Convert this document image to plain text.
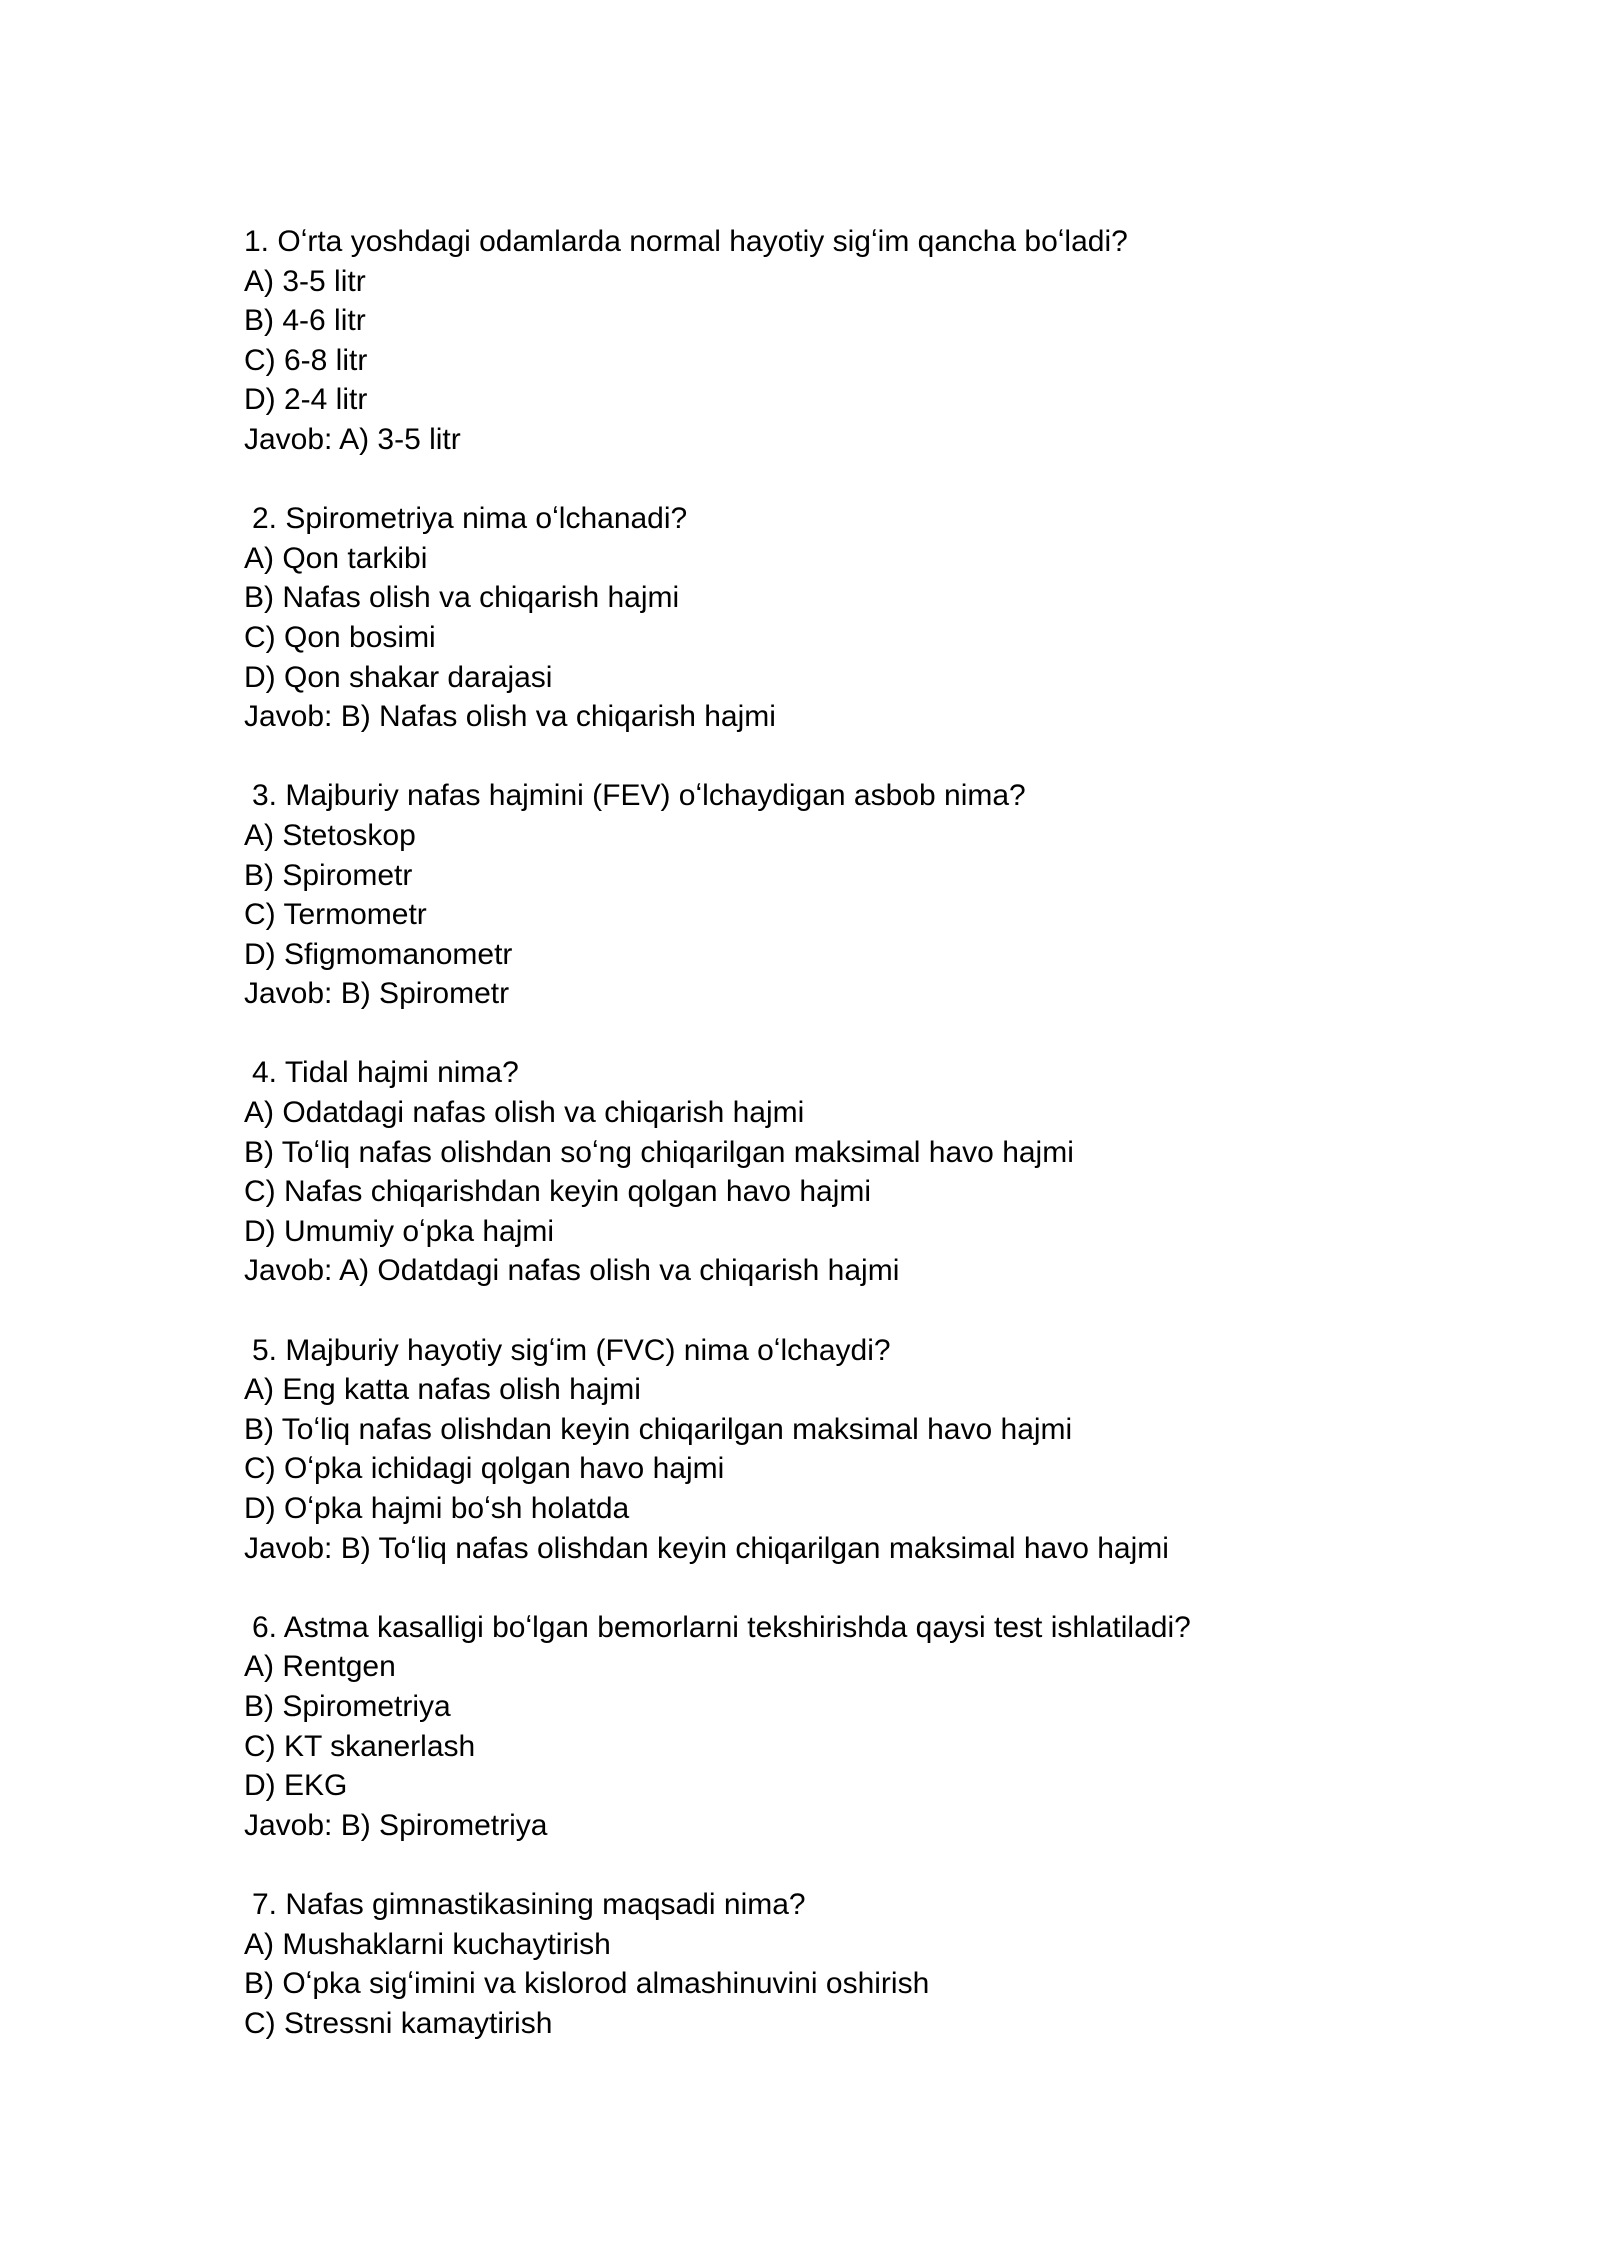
1. Oʻrta yoshdagi odamlarda normal hayotiy sigʻim qancha boʻladi?
A) 3-5 litr
B) 4-6 litr
C) 6-8 litr
D) 2-4 litr
Javob: A) 3-5 litr
2. Spirometriya nima oʻlchanadi?
A) Qon tarkibi
B) Nafas olish va chiqarish hajmi
C) Qon bosimi
D) Qon shakar darajasi
Javob: B) Nafas olish va chiqarish hajmi
3. Majburiy nafas hajmini (FEV) oʻlchaydigan asbob nima?
A) Stetoskop
B) Spirometr
C) Termometr
D) Sfigmomanometr
Javob: B) Spirometr
4. Tidal hajmi nima?
A) Odatdagi nafas olish va chiqarish hajmi
B) Toʻliq nafas olishdan soʻng chiqarilgan maksimal havo hajmi
C) Nafas chiqarishdan keyin qolgan havo hajmi
D) Umumiy oʻpka hajmi
Javob: A) Odatdagi nafas olish va chiqarish hajmi
5. Majburiy hayotiy sigʻim (FVC) nima oʻlchaydi?
A) Eng katta nafas olish hajmi
B) Toʻliq nafas olishdan keyin chiqarilgan maksimal havo hajmi
C) Oʻpka ichidagi qolgan havo hajmi
D) Oʻpka hajmi boʻsh holatda
Javob: B) Toʻliq nafas olishdan keyin chiqarilgan maksimal havo hajmi
6. Astma kasalligi boʻlgan bemorlarni tekshirishda qaysi test ishlatiladi?
A) Rentgen
B) Spirometriya
C) KT skanerlash
D) EKG
Javob: B) Spirometriya
7. Nafas gimnastikasining maqsadi nima?
A) Mushaklarni kuchaytirish
B) Oʻpka sigʻimini va kislorod almashinuvini oshirish
C) Stressni kamaytirish
